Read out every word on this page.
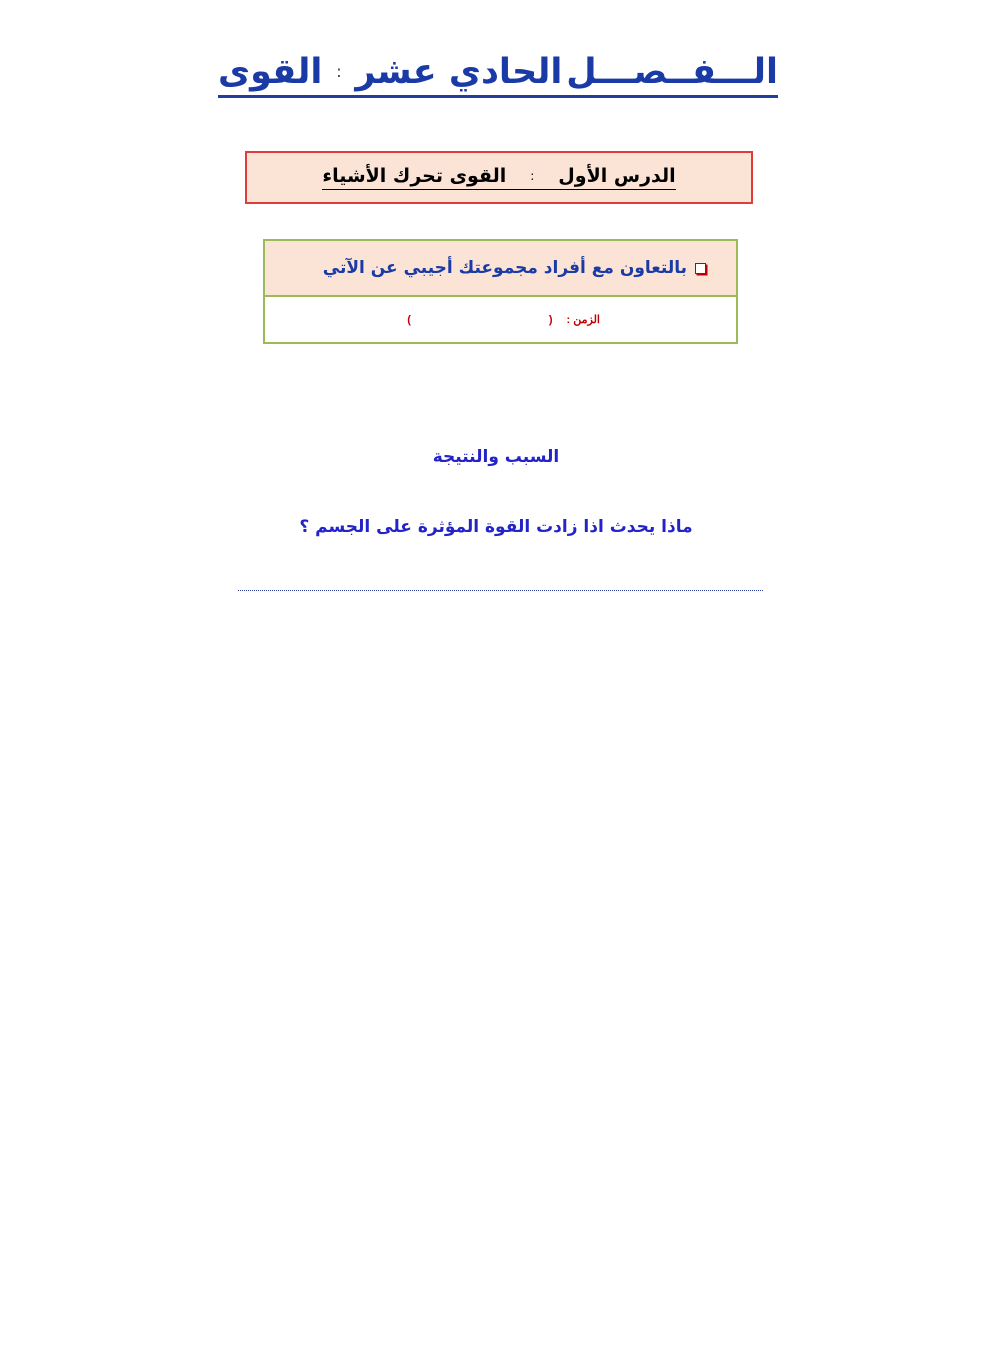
الـــفــصـــل
الحادي عشر
:
القوى
الدرس الأول
:
القوى تحرك الأشياء
بالتعاون مع أفراد مجموعتك أجيبي عن الآتي
الزمن :
(
)
السبب والنتيجة
ماذا يحدث اذا زادت القوة المؤثرة على الجسم ؟
